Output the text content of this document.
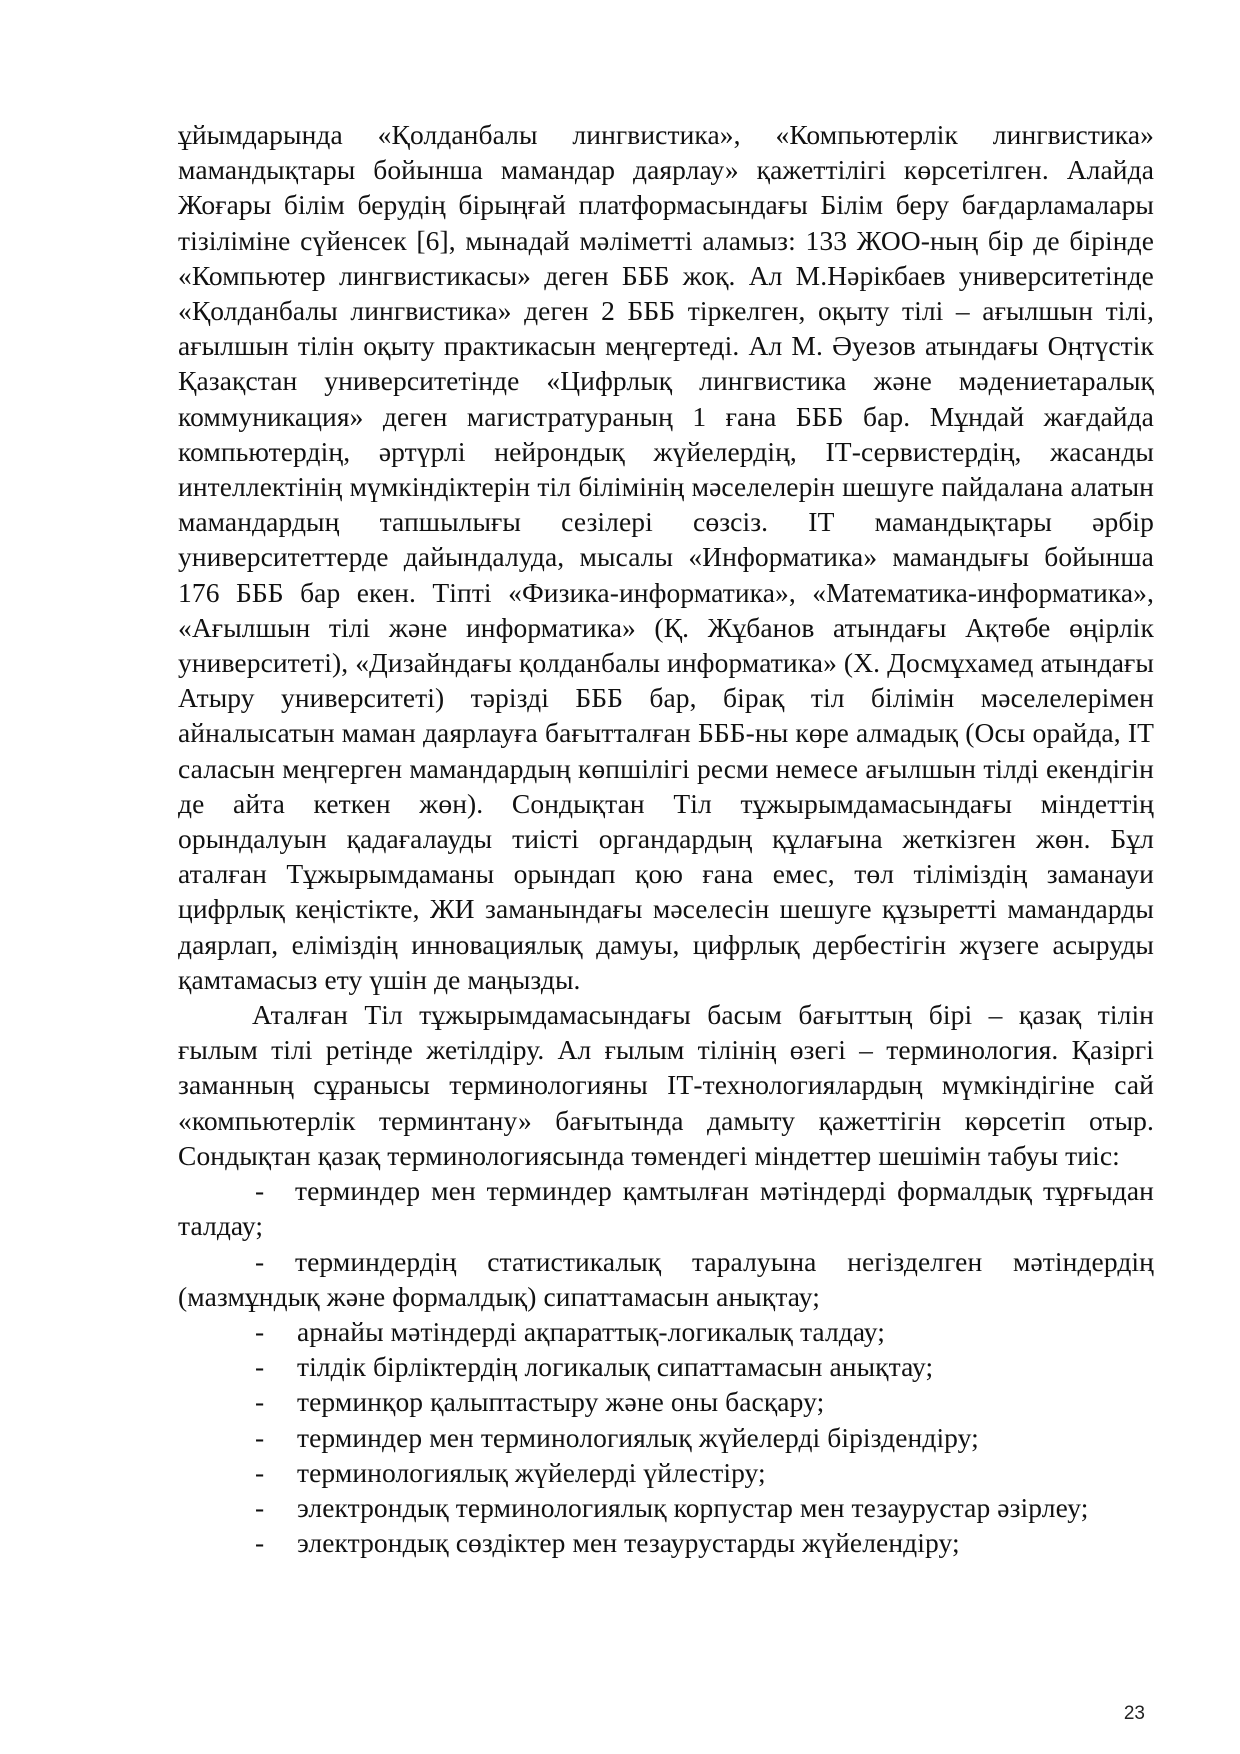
ұйымдарында «Қолданбалы лингвистика», «Компьютерлік лингвистика» мамандықтары бойынша мамандар даярлау» қажеттілігі көрсетілген. Алайда Жоғары білім берудің бірыңғай платформасындағы Білім беру бағдарламалары тізіліміне сүйенсек [6], мынадай мәліметті аламыз: 133 ЖОО-ның бір де бірінде «Компьютер лингвистикасы» деген БББ жоқ. Ал М.Нәрікбаев университетінде «Қолданбалы лингвистика» деген 2 БББ тіркелген, оқыту тілі – ағылшын тілі, ағылшын тілін оқыту практикасын меңгертеді. Ал М. Әуезов атындағы Оңтүстік Қазақстан университетінде «Цифрлық лингвистика және мәдениетаралық коммуникация» деген магистратураның 1 ғана БББ бар. Мұндай жағдайда компьютердің, әртүрлі нейрондық жүйелердің, ІТ-сервистердің, жасанды интеллектінің мүмкіндіктерін тіл білімінің мәселелерін шешуге пайдалана алатын мамандардың тапшылығы сезілері сөзсіз. ІТ мамандықтары әрбір университеттерде дайындалуда, мысалы «Информатика» мамандығы бойынша 176 БББ бар екен. Тіпті «Физика-информатика», «Математика-информатика», «Ағылшын тілі және информатика» (Қ. Жұбанов атындағы Ақтөбе өңірлік университеті), «Дизайндағы қолданбалы информатика» (Х. Досмұхамед атындағы Атыру университеті) тәрізді БББ бар, бірақ тіл білімін мәселелерімен айналысатын маман даярлауға бағытталған БББ-ны көре алмадық (Осы орайда, ІТ саласын меңгерген мамандардың көпшілігі ресми немесе ағылшын тілді екендігін де айта кеткен жөн). Сондықтан Тіл тұжырымдамасындағы міндеттің орындалуын қадағалауды тиісті органдардың құлағына жеткізген жөн. Бұл аталған Тұжырымдаманы орындап қою ғана емес, төл тіліміздің заманауи цифрлық кеңістікте, ЖИ заманындағы мәселесін шешуге құзыретті мамандарды даярлап, еліміздің инновациялық дамуы, цифрлық дербестігін жүзеге асыруды қамтамасыз ету үшін де маңызды.

Аталған Тіл тұжырымдамасындағы басым бағыттың бірі – қазақ тілін ғылым тілі ретінде жетілдіру. Ал ғылым тілінің өзегі – терминология. Қазіргі заманның сұранысы терминологияны ІТ-технологиялардың мүмкіндігіне сай «компьютерлік терминтану» бағытында дамыту қажеттігін көрсетіп отыр. Сондықтан қазақ терминологиясында төмендегі міндеттер шешімін табуы тиіс:

- терминдер мен терминдер қамтылған мәтіндерді формалдық тұрғыдан талдау;

- терминдердің статистикалық таралуына негізделген мәтіндердің (мазмұндық және формалдық) сипаттамасын анықтау;

- арнайы мәтіндерді ақпараттық-логикалық талдау;

- тілдік бірліктердің логикалық сипаттамасын анықтау;

- терминқор қалыптастыру және оны басқару;

- терминдер мен терминологиялық жүйелерді біріздендіру;

- терминологиялық жүйелерді үйлестіру;

- электрондық терминологиялық корпустар мен тезаурустар әзірлеу;

- электрондық сөздіктер мен тезаурустарды жүйелендіру;

23
